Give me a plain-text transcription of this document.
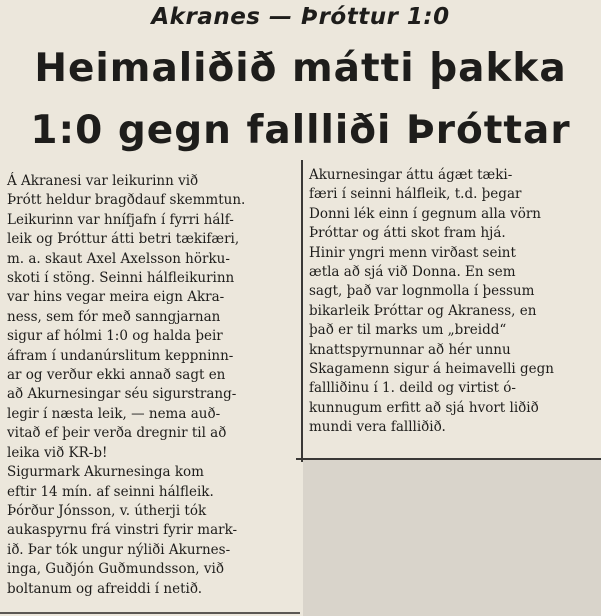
Akranes — Þróttur 1:0
Heimaliðið mátti þakka
1:0 gegn fallliði Þróttar
Á Akranesi var leikurinn við
Þrótt heldur bragðdauf skemmtun.
Leikurinn var hnífjafn í fyrri hálf-
leik og Þróttur átti betri tækifæri,
m. a. skaut Axel Axelsson hörku-
skoti í stöng. Seinni hálfleikurinn
var hins vegar meira eign Akra-
ness, sem fór með sanngjarnan
sigur af hólmi 1:0 og halda þeir
áfram í undanúrslitum keppninn-
ar og verður ekki annað sagt en
að Akurnesingar séu sigurstrang-
legir í næsta leik, — nema auð-
vitað ef þeir verða dregnir til að
leika við KR-b!
Sigurmark Akurnesinga kom
eftir 14 mín. af seinni hálfleik.
Þórður Jónsson, v. útherji tók
aukaspyrnu frá vinstri fyrir mark-
ið. Þar tók ungur nýliði Akurnes-
inga, Guðjón Guðmundsson, við
boltanum og afreiddi í netið.
Akurnesingar áttu ágæt tæki-
færi í seinni hálfleik, t.d. þegar
Donni lék einn í gegnum alla vörn
Þróttar og átti skot fram hjá.
Hinir yngri menn virðast seint
ætla að sjá við Donna. En sem
sagt, það var lognmolla í þessum
bikarleik Þróttar og Akraness, en
það er til marks um „breidd“
knattspyrnunnar að hér unnu
Skagamenn sigur á heimavelli gegn
fallliðinu í 1. deild og virtist ó-
kunnugum erfitt að sjá hvort liðið
mundi vera fallliðið.
